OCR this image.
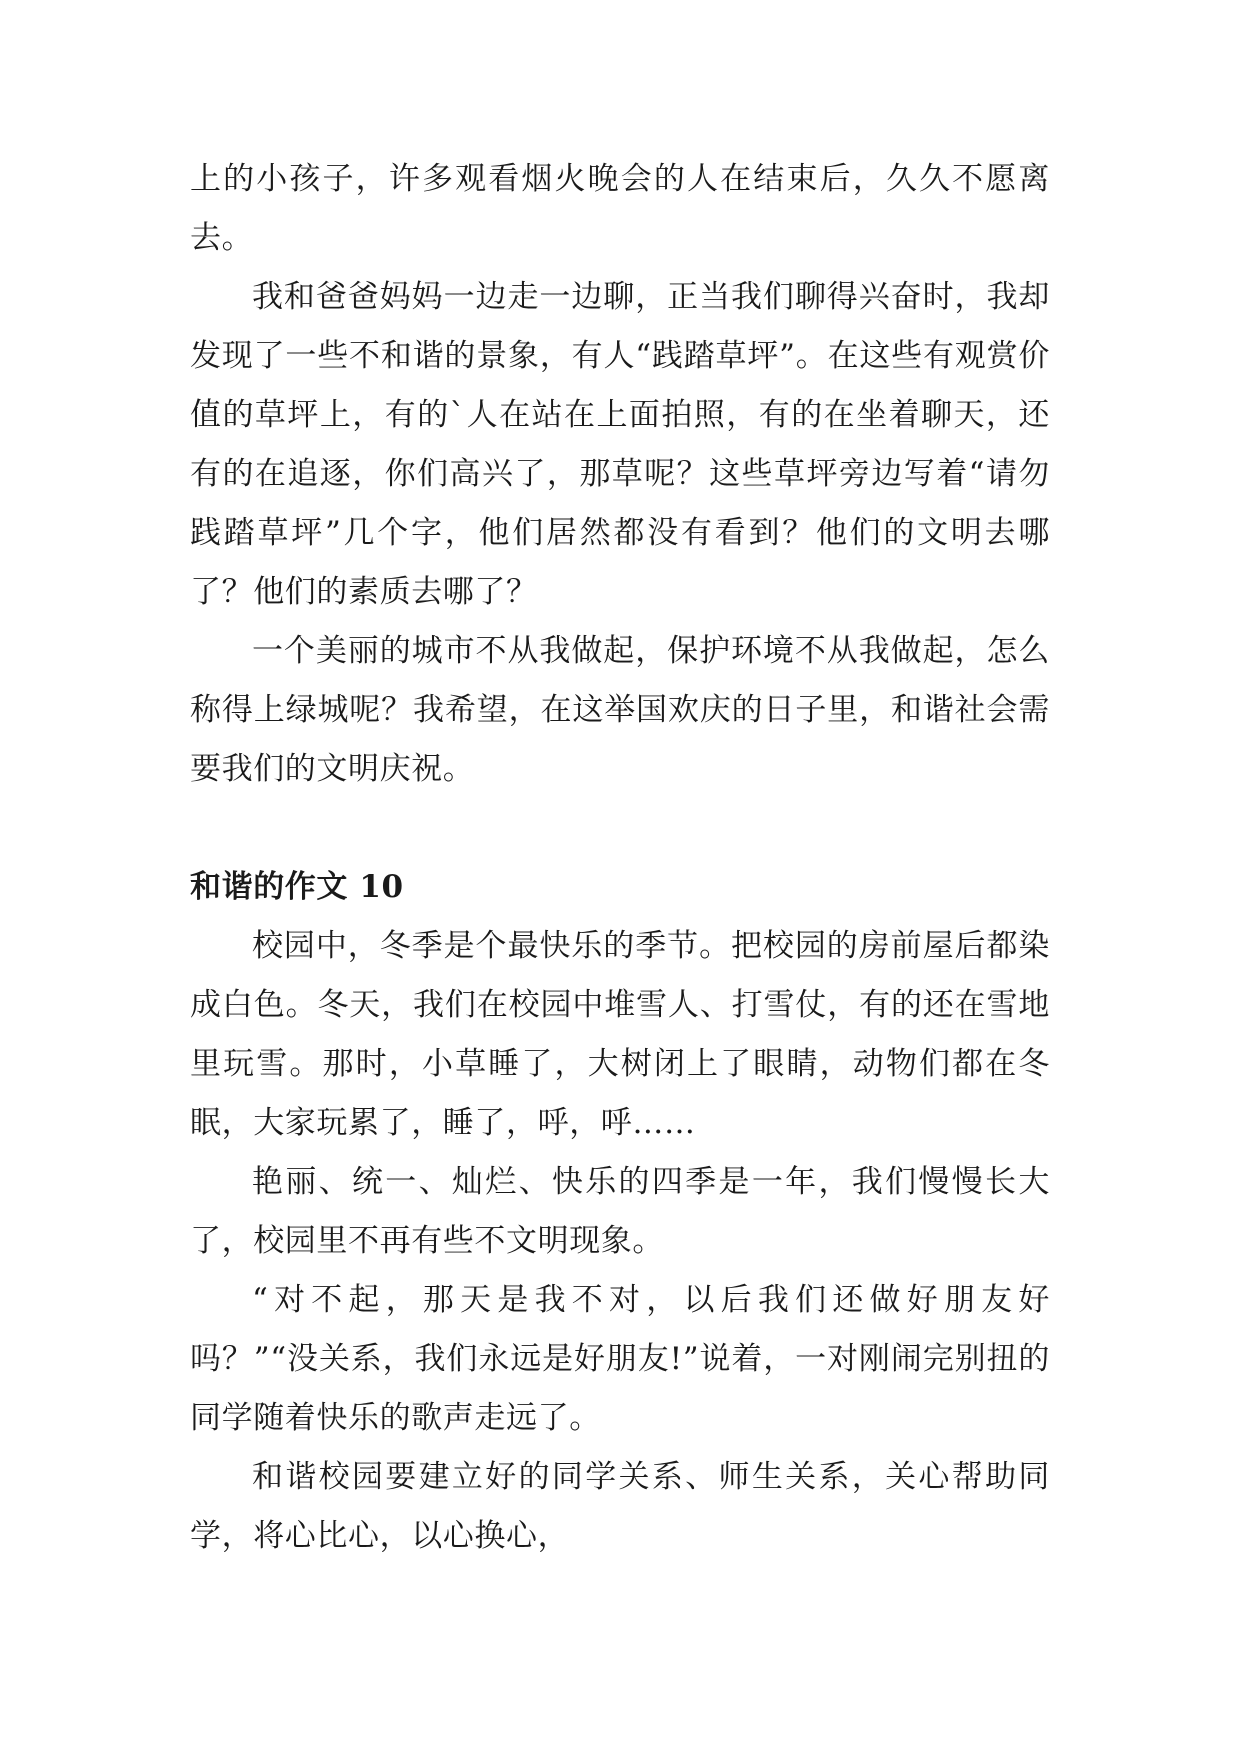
上的小孩子，许多观看烟火晚会的人在结束后，久久不愿离去。

我和爸爸妈妈一边走一边聊，正当我们聊得兴奋时，我却发现了一些不和谐的景象，有人“践踏草坪”。在这些有观赏价值的草坪上，有的`人在站在上面拍照，有的在坐着聊天，还有的在追逐，你们高兴了，那草呢？这些草坪旁边写着“请勿践踏草坪”几个字，他们居然都没有看到？他们的文明去哪了？他们的素质去哪了？

一个美丽的城市不从我做起，保护环境不从我做起，怎么称得上绿城呢？我希望，在这举国欢庆的日子里，和谐社会需要我们的文明庆祝。

和谐的作文 10

校园中，冬季是个最快乐的季节。把校园的房前屋后都染成白色。冬天，我们在校园中堆雪人、打雪仗，有的还在雪地里玩雪。那时，小草睡了，大树闭上了眼睛，动物们都在冬眠，大家玩累了，睡了，呼，呼……

艳丽、统一、灿烂、快乐的四季是一年，我们慢慢长大了，校园里不再有些不文明现象。

“对不起，那天是我不对，以后我们还做好朋友好吗？”“没关系，我们永远是好朋友!”说着，一对刚闹完别扭的同学随着快乐的歌声走远了。

和谐校园要建立好的同学关系、师生关系，关心帮助同学，将心比心，以心换心，
